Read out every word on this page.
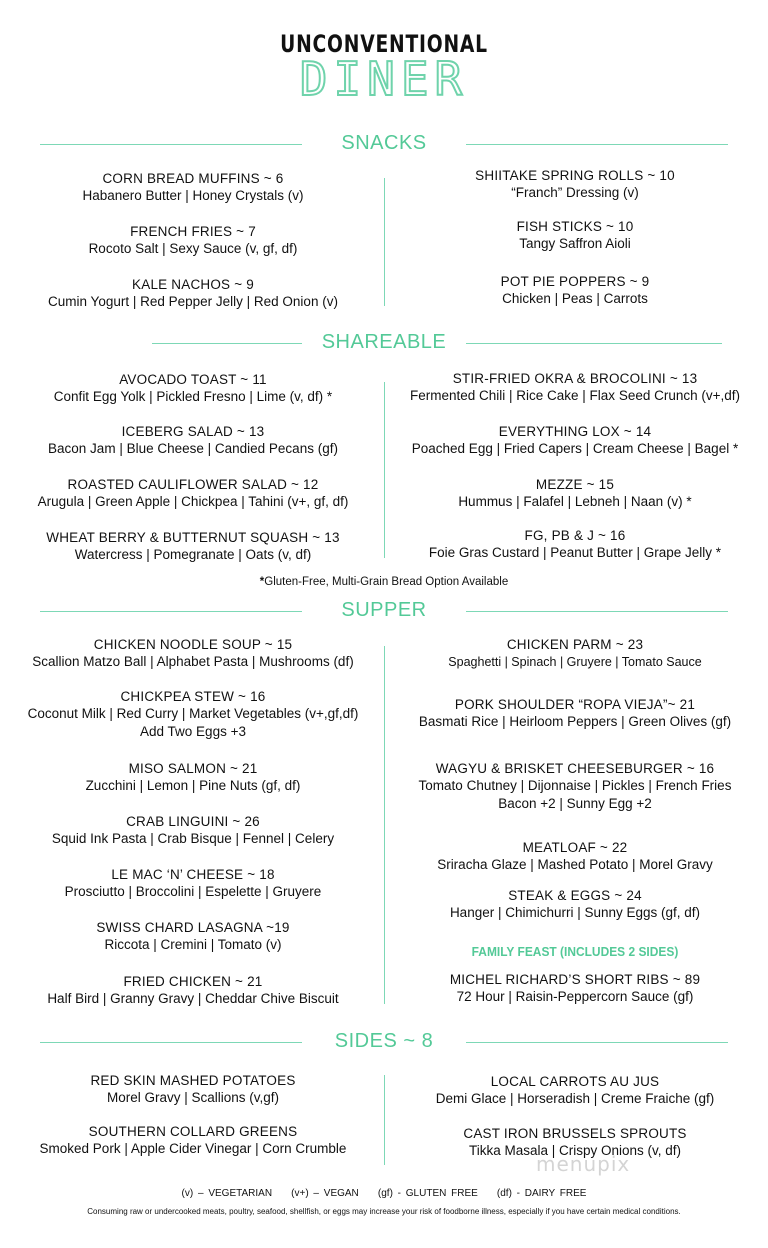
UNCONVENTIONAL
DINER
SNACKS
CORN BREAD MUFFINS ~ 6
Habanero Butter | Honey Crystals (v)
FRENCH FRIES ~ 7
Rocoto Salt | Sexy Sauce (v, gf, df)
KALE NACHOS ~ 9
Cumin Yogurt | Red Pepper Jelly | Red Onion (v)
SHIITAKE SPRING ROLLS ~ 10
“Franch” Dressing (v)
FISH STICKS ~ 10
Tangy Saffron Aioli
POT PIE POPPERS ~ 9
Chicken | Peas | Carrots
SHAREABLE
AVOCADO TOAST ~ 11
Confit Egg Yolk | Pickled Fresno | Lime (v, df) *
ICEBERG SALAD ~ 13
Bacon Jam | Blue Cheese | Candied Pecans (gf)
ROASTED CAULIFLOWER SALAD ~ 12
Arugula | Green Apple | Chickpea | Tahini (v+, gf, df)
WHEAT BERRY & BUTTERNUT SQUASH ~ 13
Watercress | Pomegranate | Oats (v, df)
STIR-FRIED OKRA & BROCOLINI ~ 13
Fermented Chili | Rice Cake | Flax Seed Crunch (v+,df)
EVERYTHING LOX ~ 14
Poached Egg | Fried Capers | Cream Cheese | Bagel *
MEZZE ~ 15
Hummus | Falafel | Lebneh | Naan (v) *
FG, PB & J ~ 16
Foie Gras Custard | Peanut Butter | Grape Jelly *
*Gluten-Free, Multi-Grain Bread Option Available
SUPPER
CHICKEN NOODLE SOUP ~ 15
Scallion Matzo Ball | Alphabet Pasta | Mushrooms (df)
CHICKPEA STEW ~ 16
Coconut Milk | Red Curry | Market Vegetables (v+,gf,df)
Add Two Eggs +3
MISO SALMON ~ 21
Zucchini | Lemon | Pine Nuts (gf, df)
CRAB LINGUINI ~ 26
Squid Ink Pasta | Crab Bisque | Fennel | Celery
LE MAC ‘N’ CHEESE ~ 18
Prosciutto | Broccolini | Espelette | Gruyere
SWISS CHARD LASAGNA ~19
Riccota | Cremini | Tomato (v)
FRIED CHICKEN ~ 21
Half Bird | Granny Gravy | Cheddar Chive Biscuit
CHICKEN PARM ~ 23
Spaghetti | Spinach | Gruyere | Tomato Sauce
PORK SHOULDER “ROPA VIEJA”~ 21
Basmati Rice | Heirloom Peppers | Green Olives (gf)
WAGYU & BRISKET CHEESEBURGER ~ 16
Tomato Chutney | Dijonnaise | Pickles | French Fries
Bacon +2 | Sunny Egg +2
MEATLOAF ~ 22
Sriracha Glaze | Mashed Potato | Morel Gravy
STEAK & EGGS ~ 24
Hanger | Chimichurri | Sunny Eggs (gf, df)
FAMILY FEAST (INCLUDES 2 SIDES)
MICHEL RICHARD’S SHORT RIBS ~ 89
72 Hour | Raisin-Peppercorn Sauce (gf)
SIDES ~ 8
RED SKIN MASHED POTATOES
Morel Gravy | Scallions (v,gf)
SOUTHERN COLLARD GREENS
Smoked Pork | Apple Cider Vinegar | Corn Crumble
LOCAL CARROTS AU JUS
Demi Glace | Horseradish | Creme Fraiche (gf)
CAST IRON BRUSSELS SPROUTS
Tikka Masala | Crispy Onions (v, df)
menupix
(v) – VEGETARIAN    (v+) – VEGAN    (gf) - GLUTEN FREE    (df) - DAIRY FREE
Consuming raw or undercooked meats, poultry, seafood, shellfish, or eggs may increase your risk of foodborne illness, especially if you have certain medical conditions.
